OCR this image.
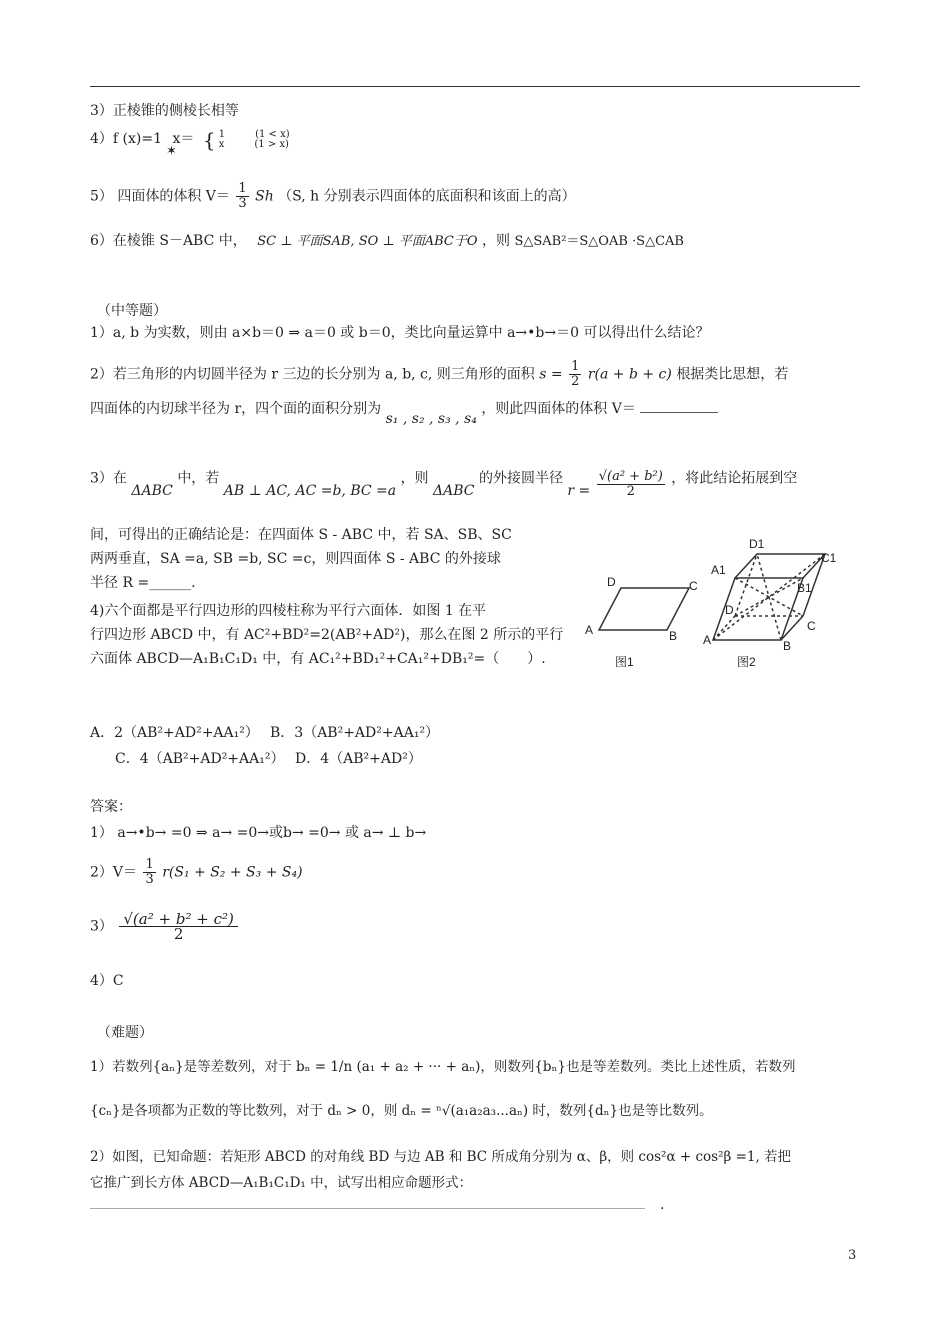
3）正棱锥的侧棱长相等
4）f (x)=1 x＝ { 1　　　(1 < x)
x　　　(1 > x)
✶
5） 四面体的体积 $V= \frac{1}{3}$ Sh （S, h 分别表示四面体的底面积和该面上的高）
6）在棱锥 S－ABC 中， SC ⊥ 平面SAB, SO ⊥ 平面ABC于O ，则 S△SAB²＝S△OAB ·S△CAB
（中等题）
1）a, b 为实数，则由 a×b＝0 ⇒ a＝0 或 b＝0，类比向量运算中 a→•b→＝0 可以得出什么结论？
2）若三角形的内切圆半径为 r 三边的长分别为 a, b, c, 则三角形的面积 $s = \frac{1}{2} r(a + b + c)$ 根据类比思想，若
四面体的内切球半径为 r，四个面的面积分别为 s₁ , s₂ , s₃ , s₄ ，则此四面体的体积 V＝
3）在 ΔABC 中，若 AB ⊥ AC, AC =b, BC =a ，则 ΔABC 的外接圆半径 $r = \frac{\text{√(a² + b²)}}{2}$ ，将此结论拓展到空
间，可得出的正确结论是：在四面体 S - ABC 中，若 SA、SB、SC
两两垂直，SA =a, SB =b, SC =c，则四面体 S - ABC 的外接球
半径 R =______.
4)六个面都是平行四边形的四棱柱称为平行六面体．如图 1 在平
行四边形 ABCD 中，有 AC²+BD²=2(AB²+AD²)，那么在图 2 所示的平行
六面体 ABCD—A₁B₁C₁D₁ 中，有 AC₁²+BD₁²+CA₁²+DB₁²=（　　）.
A．2（AB²+AD²+AA₁²） B．3（AB²+AD²+AA₁²）
C．4（AB²+AD²+AA₁²） D．4（AB²+AD²）
A	B
C
D
A	B
C
D
A1
B1
C1
D1
图1	图2
答案：
1） a→•b→ =0 ⇒ a→ =0→或b→ =0→ 或 a→ ⊥ b→
$2)V= \frac{1}{3} r(S_1 + S_2 + S_3 + S_4)$
$3) \frac{\text{√(a² + b² + c²)}}{2}$
4）C
（难题）
1）若数列{aₙ}是等差数列，对于 bₙ = 1/n (a₁ + a₂ + ··· + aₙ)，则数列{bₙ}也是等差数列。类比上述性质，若数列
{cₙ}是各项都为正数的等比数列，对于 dₙ > 0，则 dₙ = ⁿ√(a₁a₂a₃...aₙ) 时，数列{dₙ}也是等比数列。
2）如图，已知命题：若矩形 ABCD 的对角线 BD 与边 AB 和 BC 所成角分别为 α、β，则 cos²α + cos²β =1, 若把
它推广到长方体 ABCD—A₁B₁C₁D₁ 中，试写出相应命题形式：
.
3
